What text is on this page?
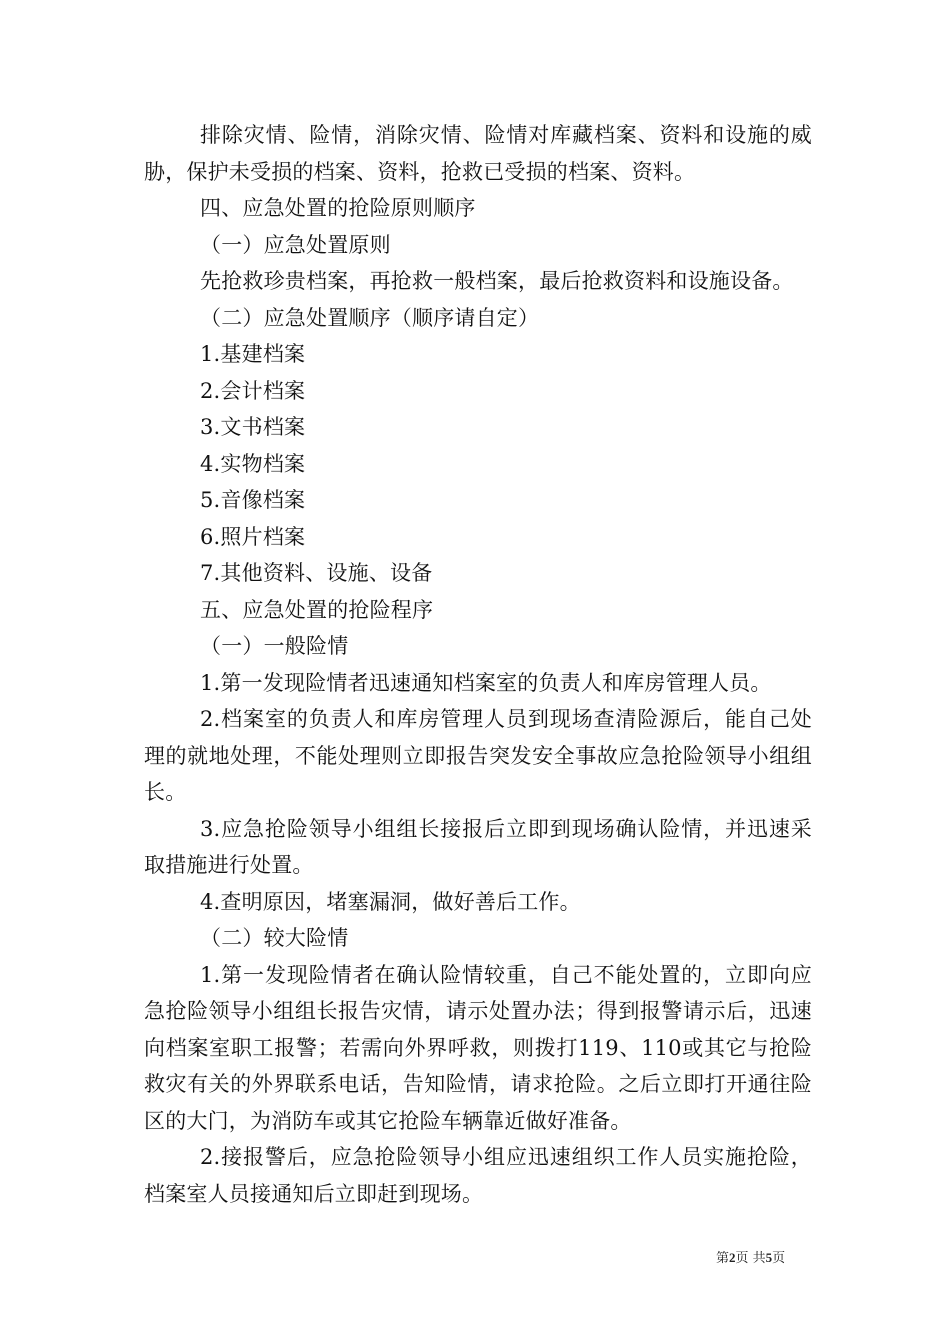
排除灾情、险情，消除灾情、险情对库藏档案、资料和设施的威胁，保护未受损的档案、资料，抢救已受损的档案、资料。

四、应急处置的抢险原则顺序

（一）应急处置原则

先抢救珍贵档案，再抢救一般档案，最后抢救资料和设施设备。

（二）应急处置顺序（顺序请自定）

1.基建档案

2.会计档案

3.文书档案

4.实物档案

5.音像档案

6.照片档案

7.其他资料、设施、设备

五、应急处置的抢险程序

（一）一般险情

1.第一发现险情者迅速通知档案室的负责人和库房管理人员。

2.档案室的负责人和库房管理人员到现场查清险源后，能自己处理的就地处理，不能处理则立即报告突发安全事故应急抢险领导小组组长。

3.应急抢险领导小组组长接报后立即到现场确认险情，并迅速采取措施进行处置。

4.查明原因，堵塞漏洞，做好善后工作。

（二）较大险情

1.第一发现险情者在确认险情较重，自己不能处置的，立即向应急抢险领导小组组长报告灾情，请示处置办法；得到报警请示后，迅速向档案室职工报警；若需向外界呼救，则拨打119、110或其它与抢险救灾有关的外界联系电话，告知险情，请求抢险。之后立即打开通往险区的大门，为消防车或其它抢险车辆靠近做好准备。

2.接报警后，应急抢险领导小组应迅速组织工作人员实施抢险，档案室人员接通知后立即赶到现场。

第2页 共5页
